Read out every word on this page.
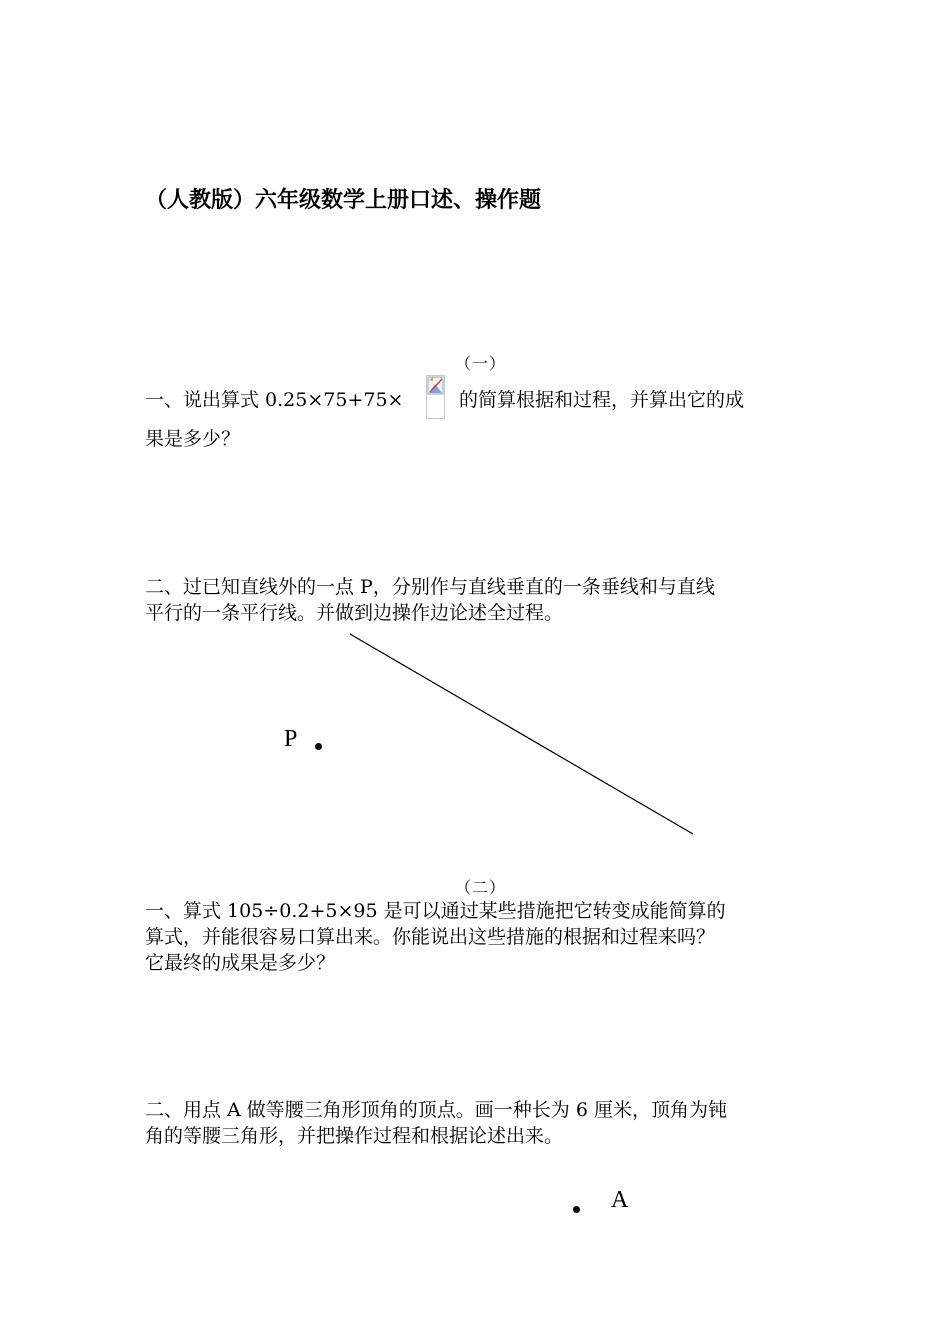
（人教版）六年级数学上册口述、操作题
（一）
一、说出算式 0.25×75+75×	的简算根据和过程，并算出它的成
果是多少？
二、过已知直线外的一点 P，分别作与直线垂直的一条垂线和与直线
平行的一条平行线。并做到边操作边论述全过程。
P
（二）
一、算式 105÷0.2+5×95 是可以通过某些措施把它转变成能简算的
算式，并能很容易口算出来。你能说出这些措施的根据和过程来吗？
它最终的成果是多少？
二、用点 A 做等腰三角形顶角的顶点。画一种长为 6 厘米，顶角为钝
角的等腰三角形，并把操作过程和根据论述出来。
A
